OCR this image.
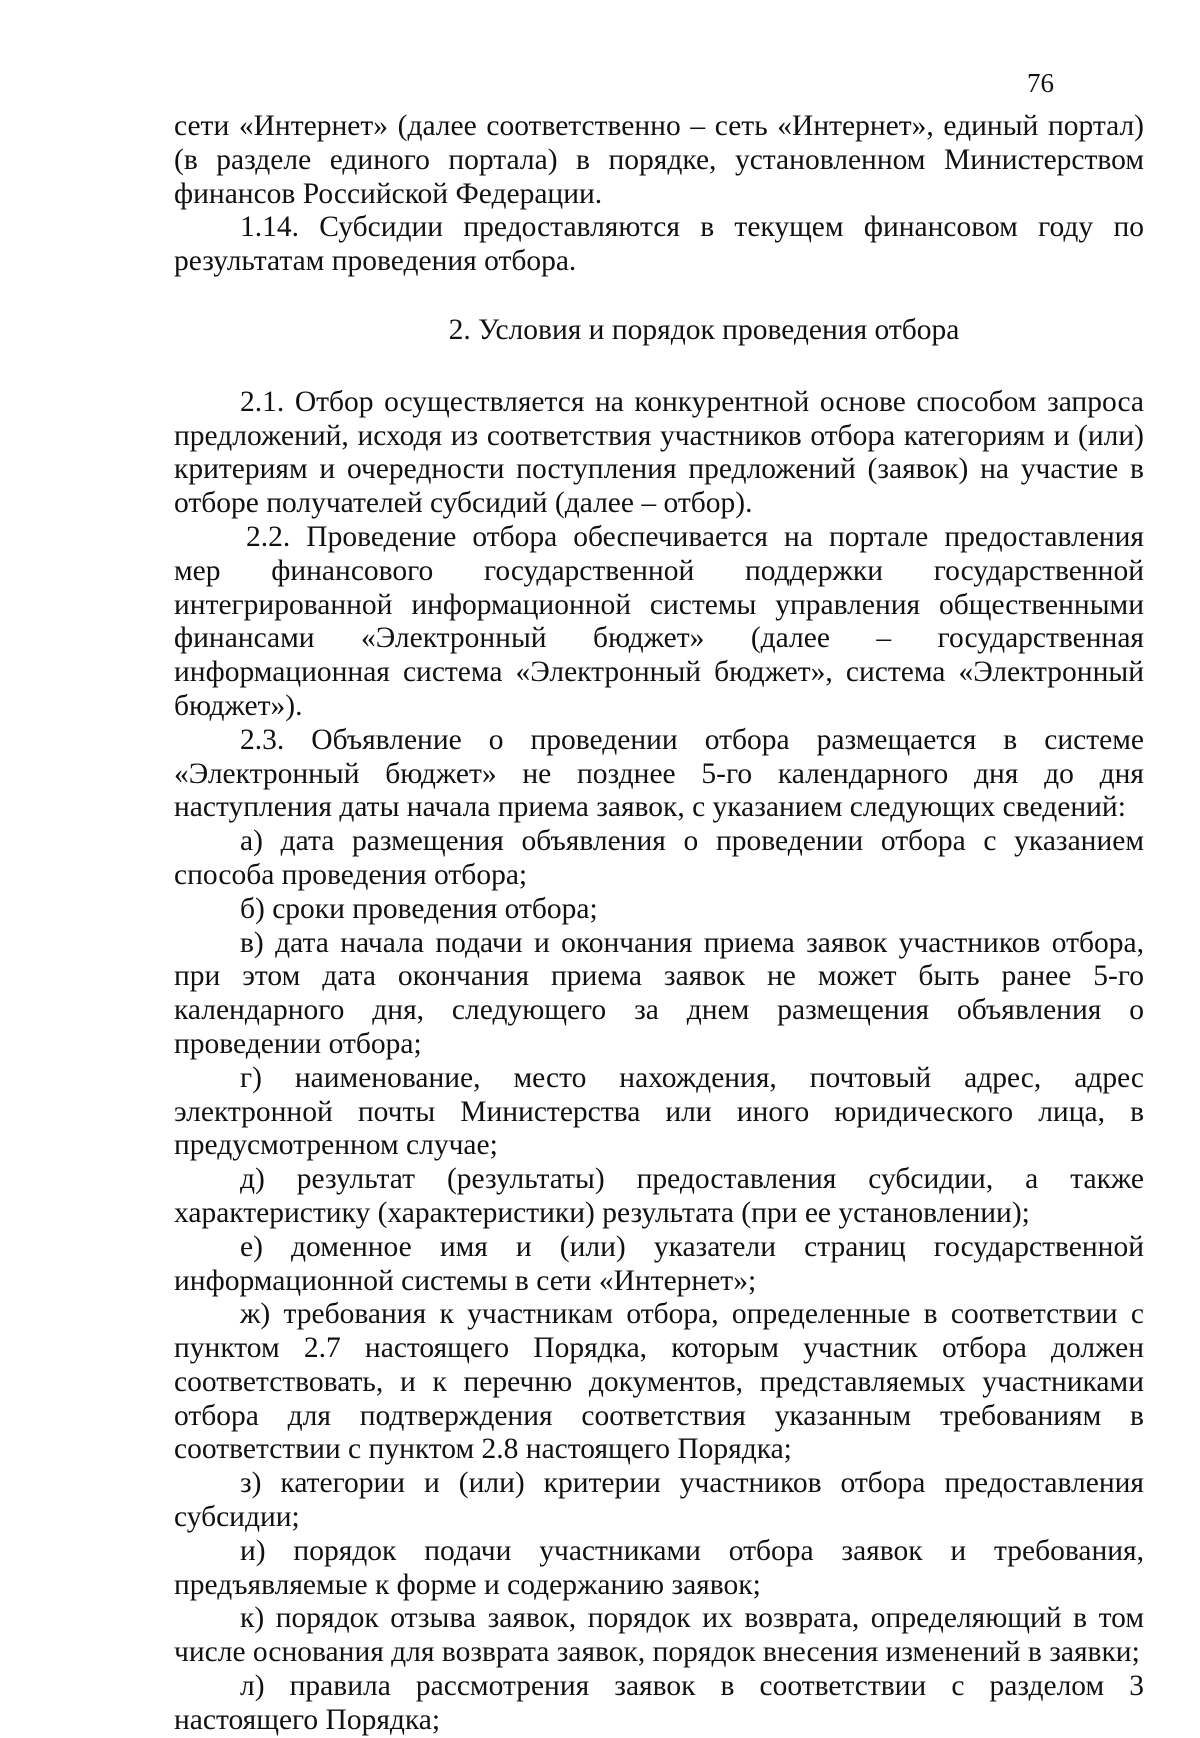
76

сети «Интернет» (далее соответственно – сеть «Интернет», единый портал) (в разделе единого портала) в порядке, установленном Министерством финансов Российской Федерации.

1.14. Субсидии предоставляются в текущем финансовом году по результатам проведения отбора.

2. Условия и порядок проведения отбора

2.1. Отбор осуществляется на конкурентной основе способом запроса предложений, исходя из соответствия участников отбора категориям и (или) критериям и очередности поступления предложений (заявок) на участие в отборе получателей субсидий (далее – отбор).

2.2. Проведение отбора обеспечивается на портале предоставления мер финансового государственной поддержки государственной интегрированной информационной системы управления общественными финансами «Электронный бюджет» (далее – государственная информационная система «Электронный бюджет», система «Электронный бюджет»).

2.3. Объявление о проведении отбора размещается в системе «Электронный бюджет» не позднее 5-го календарного дня до дня наступления даты начала приема заявок, с указанием следующих сведений:

а) дата размещения объявления о проведении отбора с указанием способа проведения отбора;

б) сроки проведения отбора;

в) дата начала подачи и окончания приема заявок участников отбора, при этом дата окончания приема заявок не может быть ранее 5-го календарного дня, следующего за днем размещения объявления о проведении отбора;

г) наименование, место нахождения, почтовый адрес, адрес электронной почты Министерства или иного юридического лица, в предусмотренном случае;

д) результат (результаты) предоставления субсидии, а также характеристику (характеристики) результата (при ее установлении);

е) доменное имя и (или) указатели страниц государственной информационной системы в сети «Интернет»;

ж) требования к участникам отбора, определенные в соответствии с пунктом 2.7 настоящего Порядка, которым участник отбора должен соответствовать, и к перечню документов, представляемых участниками отбора для подтверждения соответствия указанным требованиям в соответствии с пунктом 2.8 настоящего Порядка;

з) категории и (или) критерии участников отбора предоставления субсидии;

и) порядок подачи участниками отбора заявок и требования, предъявляемые к форме и содержанию заявок;

к) порядок отзыва заявок, порядок их возврата, определяющий в том числе основания для возврата заявок, порядок внесения изменений в заявки;

л) правила рассмотрения заявок в соответствии с разделом 3 настоящего Порядка;
